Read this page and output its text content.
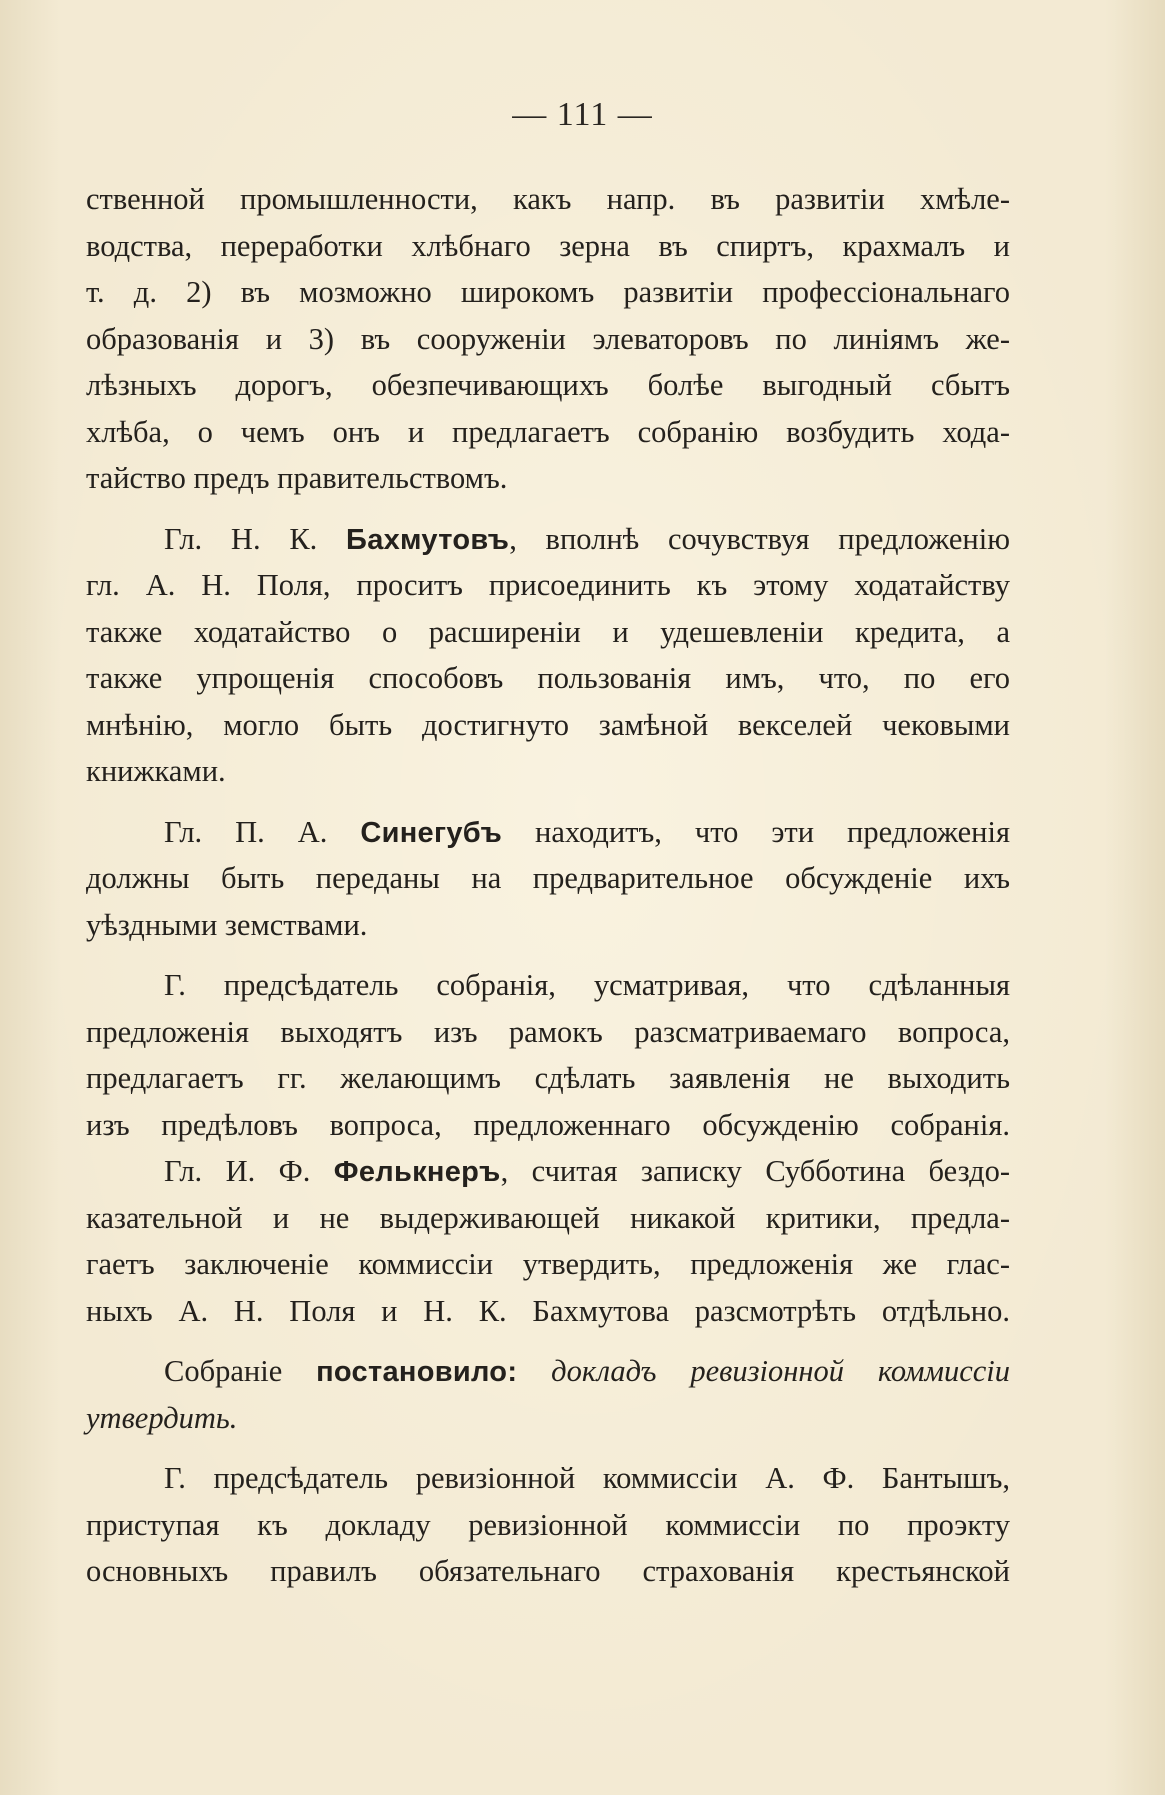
— 111 —
ственной промышленности, какъ напр. въ развитіи хмѣле-
водства, переработки хлѣбнаго зерна въ спиртъ, крахмалъ и
т. д. 2) въ мозможно широкомъ развитіи профессіональнаго
образованія и 3) въ сооруженіи элеваторовъ по линіямъ же-
лѣзныхъ дорогъ, обезпечивающихъ болѣе выгодный сбытъ
хлѣба, о чемъ онъ и предлагаетъ собранію возбудить хода-
тайство предъ правительствомъ.
Гл. Н. К. Бахмутовъ, вполнѣ сочувствуя предложенію
гл. А. Н. Поля, проситъ присоединить къ этому ходатайству
также ходатайство о расширеніи и удешевленіи кредита, а
также упрощенія способовъ пользованія имъ, что, по его
мнѣнію, могло быть достигнуто замѣной векселей чековыми
книжками.
Гл. П. А. Синегубъ находитъ, что эти предложенія
должны быть переданы на предварительное обсужденіе ихъ
уѣздными земствами.
Г. предсѣдатель собранія, усматривая, что сдѣланныя
предложенія выходятъ изъ рамокъ разсматриваемаго вопроса,
предлагаетъ гг. желающимъ сдѣлать заявленія не выходить
изъ предѣловъ вопроса, предложеннаго обсужденію собранія.
Гл. И. Ф. Фелькнеръ, считая записку Субботина бездо-
казательной и не выдерживающей никакой критики, предла-
гаетъ заключеніе коммиссіи утвердить, предложенія же глас-
ныхъ А. Н. Поля и Н. К. Бахмутова разсмотрѣть отдѣльно.
Собраніе постановило: докладъ ревизіонной коммиссіи
утвердить.
Г. предсѣдатель ревизіонной коммиссіи А. Ф. Бантышъ,
приступая къ докладу ревизіонной коммиссіи по проэкту
основныхъ правилъ обязательнаго страхованія крестьянской
